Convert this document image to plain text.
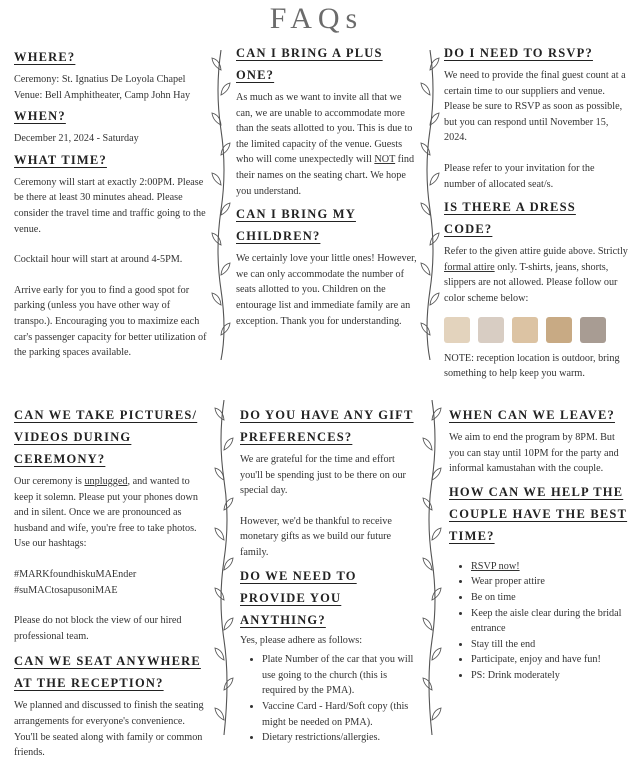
FAQs
WHERE?

Ceremony: St. Ignatius De Loyola Chapel

Venue: Bell Amphitheater, Camp John Hay

WHEN?

December 21, 2024 - Saturday

WHAT TIME?

Ceremony will start at exactly 2:00PM. Please be there at least 30 minutes ahead. Please consider the travel time and traffic going to the venue.

Cocktail hour will start at around 4-5PM.

Arrive early for you to find a good spot for parking (unless you have other way of transpo.). Encouraging you to maximize each car's passenger capacity for better utilization of the parking spaces available.

CAN I BRING A PLUS ONE?

As much as we want to invite all that we can, we are unable to accommodate more than the seats allotted to you. This is due to the limited capacity of the venue. Guests who will come unexpectedly will NOT find their names on the seating chart. We hope you understand.

CAN I BRING MY CHILDREN?

We certainly love your little ones! However, we can only accommodate the number of seats allotted to you. Children on the entourage list and immediate family are an exception. Thank you for understanding.

DO I NEED TO RSVP?

We need to provide the final guest count at a certain time to our suppliers and venue. Please be sure to RSVP as soon as possible, but you can respond until November 15, 2024.

Please refer to your invitation for the number of allocated seat/s.

IS THERE A DRESS CODE?

Refer to the given attire guide above. Strictly formal attire only. T-shirts, jeans, shorts, slippers are not allowed. Please follow our color scheme below:

NOTE: reception location is outdoor, bring something to help keep you warm.

CAN WE TAKE PICTURES/ VIDEOS DURING CEREMONY?

Our ceremony is unplugged, and wanted to keep it solemn. Please put your phones down and in silent. Once we are pronounced as husband and wife, you're free to take photos. Use our hashtags:

#MARKfoundhiskuMAEnder

#suMACtosapusoniMAE

Please do not block the view of our hired professional team.

CAN WE SEAT ANYWHERE AT THE RECEPTION?

We planned and discussed to finish the seating arrangements for everyone's convenience. You'll be seated along with family or common friends.

DO YOU HAVE ANY GIFT PREFERENCES?

We are grateful for the time and effort you'll be spending just to be there on our special day.

However, we'd be thankful to receive monetary gifts as we build our future family.

DO WE NEED TO PROVIDE YOU ANYTHING?

Yes, please adhere as follows:

• Plate Number of the car that you will use going to the church (this is required by the PMA).
• Vaccine Card - Hard/Soft copy (this might be needed on PMA).
• Dietary restrictions/allergies.
WHEN CAN WE LEAVE?

We aim to end the program by 8PM. But you can stay until 10PM for the party and informal kamustahan with the couple.

HOW CAN WE HELP THE COUPLE HAVE THE BEST TIME?
• RSVP now!
• Wear proper attire
• Be on time
• Keep the aisle clear during the bridal entrance
• Stay till the end
• Participate, enjoy and have fun!
• PS: Drink moderately
